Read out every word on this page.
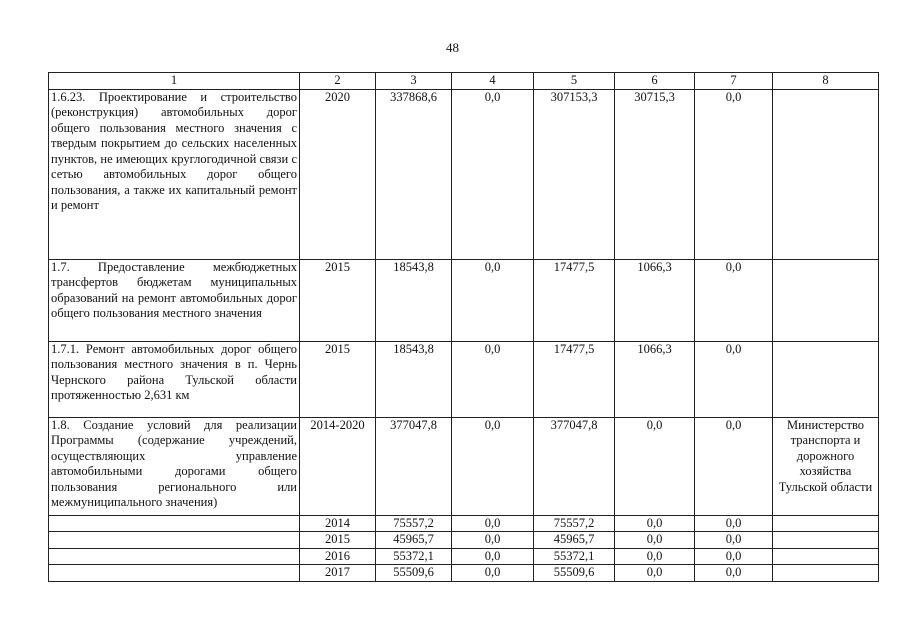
48
1	2	3	4	5	6	7	8
1.6.23. Проектирование и строительство (реконструкция) автомобильных дорог общего пользования местного значения с твердым покрытием до сельских населенных пунктов, не имеющих круглогодичной связи с сетью автомобильных дорог общего пользования, а также их капитальный ремонт и ремонт	2020	337868,6	0,0	307153,3	30715,3	0,0	
1.7. Предоставление межбюджетных трансфертов бюджетам муниципальных образований на ремонт автомобильных дорог общего пользования местного значения	2015	18543,8	0,0	17477,5	1066,3	0,0	
1.7.1. Ремонт автомобильных дорог общего пользования местного значения в п. Чернь Чернского района Тульской области протяженностью 2,631 км	2015	18543,8	0,0	17477,5	1066,3	0,0	
1.8. Создание условий для реализации Программы (содержание учреждений, осуществляющих управление автомобильными дорогами общего пользования регионального или межмуниципального значения)	2014-2020	377047,8	0,0	377047,8	0,0	0,0	Министерство транспорта и дорожного хозяйства Тульской области
	2014	75557,2	0,0	75557,2	0,0	0,0	
	2015	45965,7	0,0	45965,7	0,0	0,0	
	2016	55372,1	0,0	55372,1	0,0	0,0	
	2017	55509,6	0,0	55509,6	0,0	0,0	
